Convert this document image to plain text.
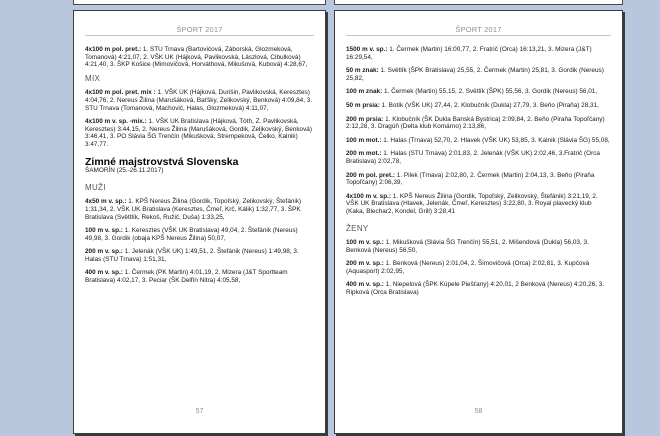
ŠPORT 2017
4x100 m pol. pret.: 1. STU Trnava (Bartovičová, Záborská, Glozmeková, Tomanová) 4:21,07, 2. VŠK UK (Hájková, Pavlikovská, Lászlová, Cibulková) 4:21,40, 3. ŠKP Košice (Mimovičová, Horváthová, Mikušová, Kubová) 4:28,67,
MIX
4x100 m pol. pret. mix : 1. VŠK UK (Hájková, Durišin, Pavlikovská, Keresztes) 4:04,76, 2. Nereus Žilina (Marušáková, Baťšky, Zelikovský, Benková) 4:09,84, 3. STU Trnava (Tomanová, Machovič, Halas, Glozmeková) 4:11,07,
4x100 m v. sp. -mix.: 1. VŠK UK Bratislava (Hájková, Tóth, Z. Pavlikovská, Keresztes) 3:44,15, 2. Nereus Žilina (Marušáková, Gordik, Zelikovský, Benková) 3:46,41, 3. PO Slávia ŠG Trenčín (Mikušková, Strempeková, Čelko, Kalnik) 3:47,77.
Zimné majstrovstvá Slovenska
ŠAMORÍN (25.-26.11.2017)
MUŽI
4x50 m v. sp.: 1. KPŠ Nereus Žilina (Gordik, Topoľský, Zelikovský, Štefánik) 1:31,34, 2. VŠK UK Bratislava (Keresztes, Čmeľ, Krč, Kálik) 1:32,77, 3. ŠPK Bratislava (Světtlík, Rekoš, Ružič, Duša) 1:33,25,
100 m v. sp.: 1. Keresztes (VŠK UK Bratislava) 49,04, 2. Štefánik (Nereus) 49,98, 3. Gordik (obaja KPŠ Nereus Žilina) 50,07,
200 m v. sp.: 1. Jelenák (VŠK UK) 1:49,51, 2. Štefánik (Nereus) 1:49,98, 3. Halas (STU Trnava) 1:51,31,
400 m v. sp.: 1. Čermek (PK Martin) 4:01,19, 2. Mizera (J&T Sportteam Bratislava) 4:02,17, 3. Peciar (ŠK Delfín Nitra) 4:05,58,
57
ŠPORT 2017
1500 m v. sp.: 1. Čermek (Martin) 16:00,77, 2. Fratrič (Orca) 16:13,21, 3. Mizera (J&T) 16:29,54,
50 m znak: 1. Světlík (ŠPK Bratislava) 25,55, 2. Čermek (Martin) 25,81, 3. Gordik (Nereus) 25,82,
100 m znak: 1. Čermek (Martin) 55,15, 2. Světlík (ŠPK) 55,56, 3. Gordik (Nereus) 56,01,
50 m prsia: 1. Botík (VŠK UK) 27,44, 2. Klobučník (Dukla) 27,79, 3. Beňo (Piraňa) 28,31,
200 m prsia: 1. Klobučník (ŠK Dukla Banská Bystrica) 2:09,84, 2. Beňo (Piraňa Topoľčany) 2:12,28, 3. Dragúň (Delta klub Komárno) 2:13,86,
100 m mot.: 1. Halas (Trnava) 52,70, 2. Hlavek (VŠK UK) 53,85, 3. Kalnik (Slávia ŠG) 55,08,
200 m mot.: 1. Halas (STU Trnava) 2:01,83, 2. Jelenák (VŠK UK) 2:02,46, 3.Fratrič (Orca Bratislava) 2:02,78,
200 m pol. pret.: 1. Pilek (Trnava) 2:02,80, 2. Čermek (Martin) 2:04,13, 3. Beňo (Piraňa Topoľčany) 2:06,39,
4x100 m v. sp.: 1. KPŠ Nereus Žilina (Gordik, Topoľský, Zelikovský, Štefánik) 3:21,19, 2. VŠK UK Bratislava (Hlavek, Jelenák, Čmeľ, Keresztes) 3:22,80, 3. Royal plavecký klub (Kaka, Blechar2, Kondel, Grill) 3:28,41
ŽENY
100 m v. sp.: 1. Mikušková (Slávia ŠG Trenčín) 55,51, 2. Mišendová (Dukla) 56,03, 3. Benková (Nereus) 56,50,
200 m v. sp.: 1. Benková (Nereus) 2:01,04, 2. Šimovičová (Orca) 2:02,81, 3. Kupčová (Aquasport) 2:02,95,
400 m v. sp.: 1. Niepelová (ŠPK Kúpele Piešťany) 4:20,01, 2 Benková (Nereus) 4:20,26, 3. Ripková (Orca Bratislava)
58
